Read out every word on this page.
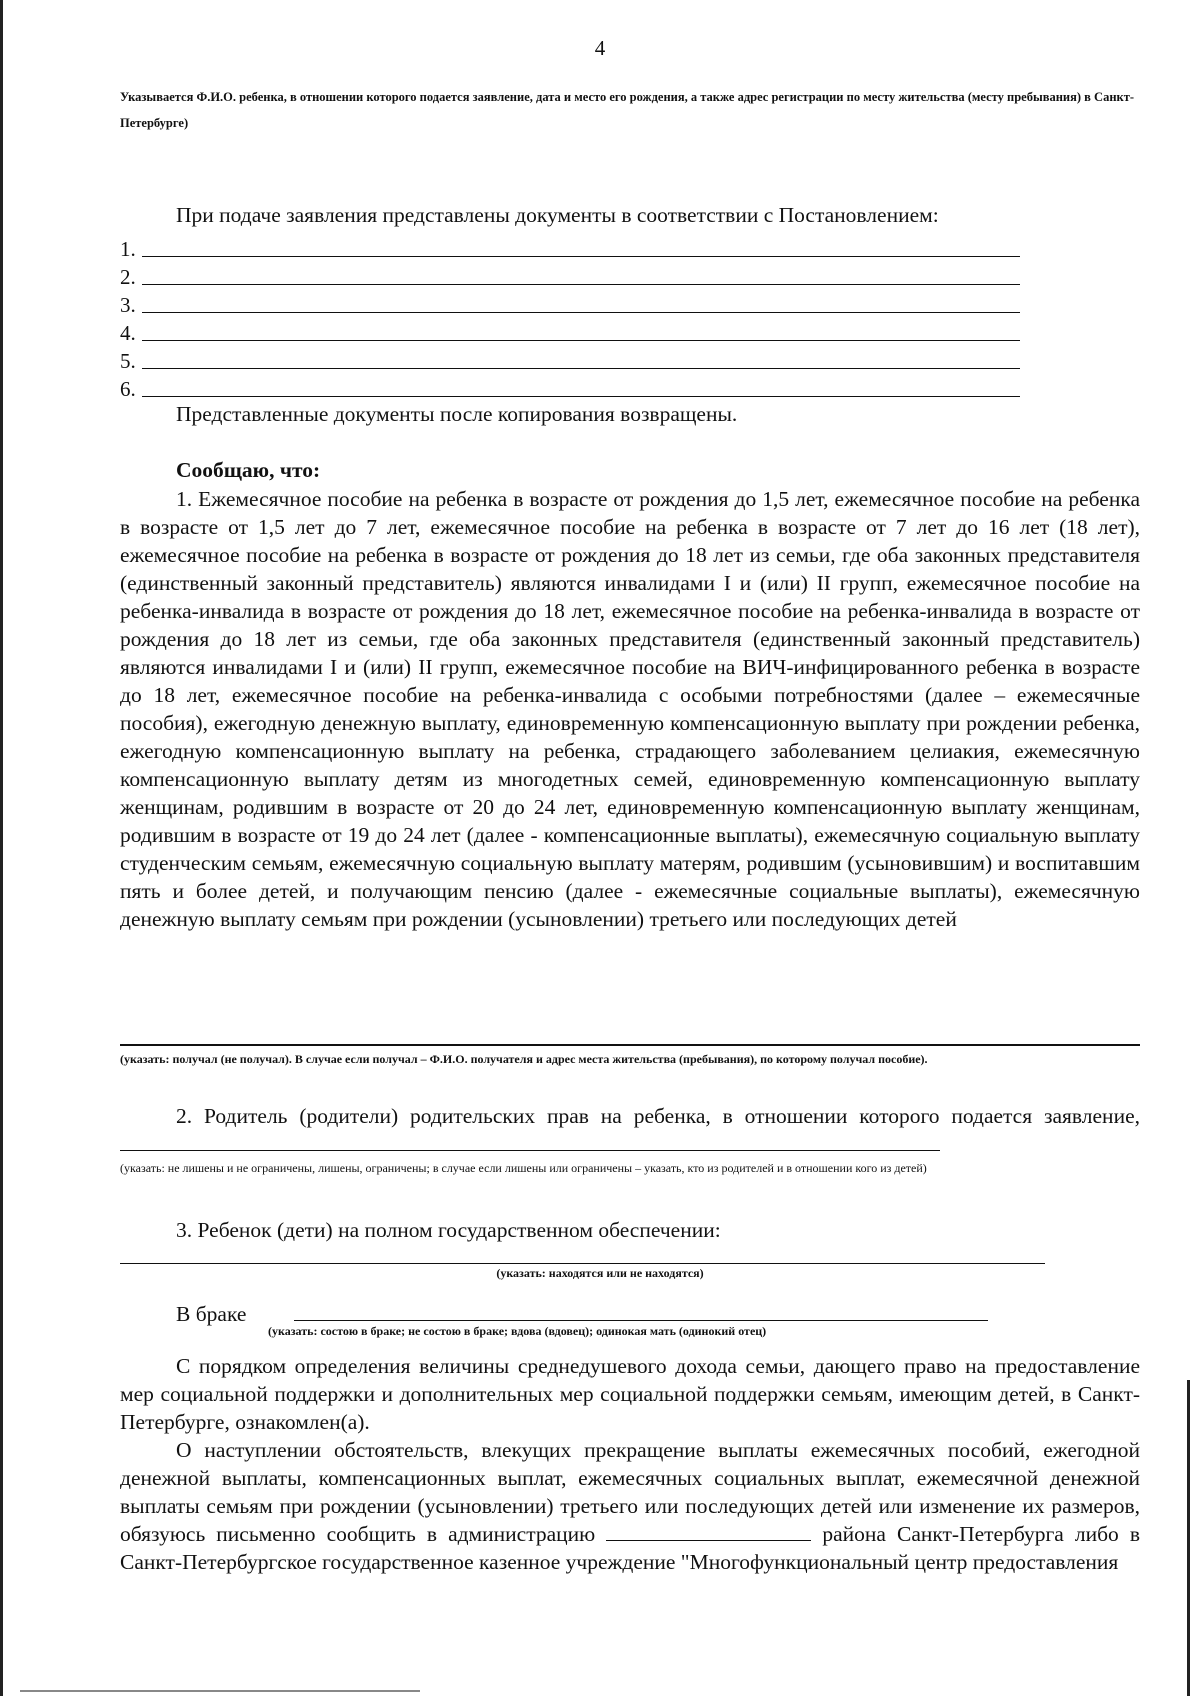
4
Указывается Ф.И.О. ребенка, в отношении которого подается заявление, дата и место его рождения, а также адрес регистрации по месту жительства (месту пребывания) в Санкт-Петербурге)
При подаче заявления представлены документы в соответствии с Постановлением:
1.
2.
3.
4.
5.
6.
Представленные документы после копирования возвращены.
Сообщаю, что:
1. Ежемесячное пособие на ребенка в возрасте от рождения до 1,5 лет, ежемесячное пособие на ребенка в возрасте от 1,5 лет до 7 лет, ежемесячное пособие на ребенка в возрасте от 7 лет до 16 лет (18 лет), ежемесячное пособие на ребенка в возрасте от рождения до 18 лет из семьи, где оба законных представителя (единственный законный представитель) являются инвалидами I и (или) II групп, ежемесячное пособие на ребенка-инвалида в возрасте от рождения до 18 лет, ежемесячное пособие на ребенка-инвалида в возрасте от рождения до 18 лет из семьи, где оба законных представителя (единственный законный представитель) являются инвалидами I и (или) II групп, ежемесячное пособие на ВИЧ-инфицированного ребенка в возрасте до 18 лет, ежемесячное пособие на ребенка-инвалида с особыми потребностями (далее – ежемесячные пособия), ежегодную денежную выплату, единовременную компенсационную выплату при рождении ребенка, ежегодную компенсационную выплату на ребенка, страдающего заболеванием целиакия, ежемесячную компенсационную выплату детям из многодетных семей, единовременную компенсационную выплату женщинам, родившим в возрасте от 20 до 24 лет, единовременную компенсационную выплату женщинам, родившим в возрасте от 19 до 24 лет (далее - компенсационные выплаты), ежемесячную социальную выплату студенческим семьям, ежемесячную социальную выплату матерям, родившим (усыновившим) и воспитавшим пять и более детей, и получающим пенсию (далее - ежемесячные социальные выплаты), ежемесячную денежную выплату семьям при рождении (усыновлении) третьего или последующих детей
(указать: получал (не получал). В случае если получал – Ф.И.О. получателя и адрес места жительства (пребывания), по которому получал пособие).
2. Родитель (родители) родительских прав на ребенка, в отношении которого подается заявление,
(указать: не лишены и не ограничены, лишены, ограничены; в случае если лишены или ограничены – указать, кто из родителей и в отношении кого из детей)
3. Ребенок (дети) на полном государственном обеспечении:
(указать: находятся или не находятся)
В браке
(указать: состою в браке; не состою в браке; вдова (вдовец); одинокая мать (одинокий отец)
С порядком определения величины среднедушевого дохода семьи, дающего право на предоставление мер социальной поддержки и дополнительных мер социальной поддержки семьям, имеющим детей, в Санкт-Петербурге, ознакомлен(а).
О наступлении обстоятельств, влекущих прекращение выплаты ежемесячных пособий, ежегодной денежной выплаты, компенсационных выплат, ежемесячных социальных выплат, ежемесячной денежной выплаты семьям при рождении (усыновлении) третьего или последующих детей или изменение их размеров, обязуюсь письменно сообщить в администрацию	района Санкт-Петербурга либо в Санкт-Петербургское государственное казенное учреждение "Многофункциональный центр предоставления
